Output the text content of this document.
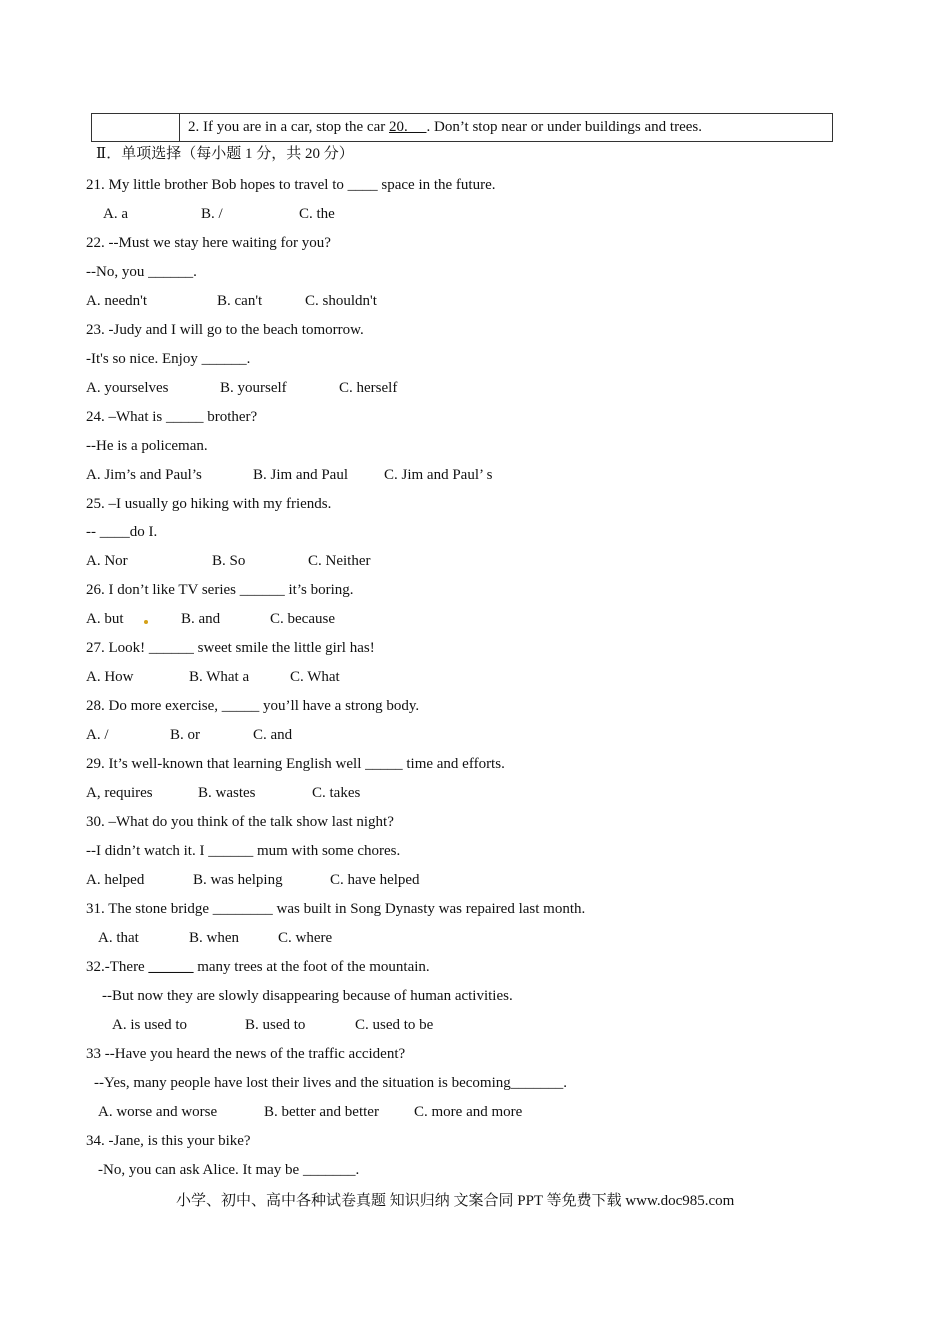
2. If you are in a car, stop the car 20.     . Don’t stop near or under buildings and trees.
Ⅱ．单项选择（每小题 1 分，共 20 分）
21. My little brother Bob hopes to travel to ____ space in the future.
A. a	B. /	C. the
22. --Must we stay here waiting for you?
--No, you ______.
A. needn't	B. can't	C. shouldn't
23. -Judy and I will go to the beach tomorrow.
-It's so nice. Enjoy ______.
A. yourselves	B. yourself	C. herself
24. –What is _____ brother?
--He is a policeman.
A. Jim’s and Paul’s	B. Jim and Paul C. Jim and Paul’ s
25. –I usually go hiking with my friends.
-- ____do I.
A. Nor	B. So	C. Neither
26. I don’t like TV series ______ it’s boring.
A. but	B. and	C. because
27. Look! ______ sweet smile the little girl has!
A. How	B. What a	C. What
28. Do more exercise, _____ you’ll have a strong body.
A. /	B. or	C. and
29. It’s well-known that learning English well _____ time and efforts.
A, requires	B. wastes	C. takes
30. –What do you think of the talk show last night?
--I didn’t watch it. I ______ mum with some chores.
A. helped	B. was helping	C. have helped
31. The stone bridge ________ was built in Song Dynasty was repaired last month.
A. that	B. when	C. where
32.-There ______ many trees at the foot of the mountain.
--But now they are slowly disappearing because of human activities.
A. is used to	B. used to	C. used to be
33 --Have you heard the news of the traffic accident?
--Yes, many people have lost their lives and the situation is becoming_______.
A. worse and worse	B. better and better C. more and more
34. -Jane, is this your bike?
-No, you can ask Alice. It may be _______.
小学、初中、高中各种试卷真题 知识归纳 文案合同 PPT 等免费下载 www.doc985.com
